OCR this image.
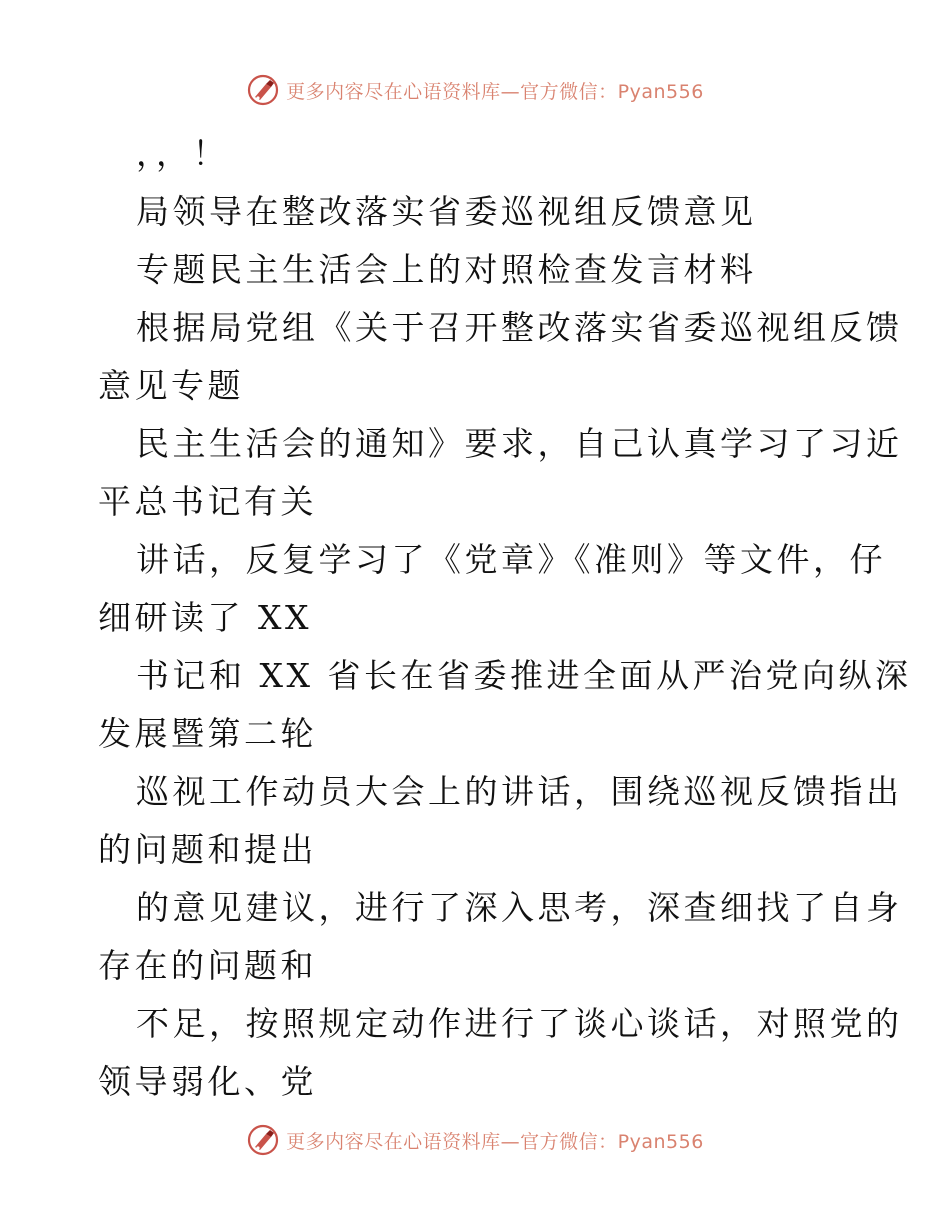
更多内容尽在心语资料库—官方微信：Pyan556
，，！
局领导在整改落实省委巡视组反馈意见
专题民主生活会上的对照检查发言材料
根据局党组《关于召开整改落实省委巡视组反馈
意见专题
民主生活会的通知》要求，自己认真学习了习近
平总书记有关
讲话，反复学习了《党章》《准则》等文件，仔
细研读了 XX
书记和 XX 省长在省委推进全面从严治党向纵深
发展暨第二轮
巡视工作动员大会上的讲话，围绕巡视反馈指出
的问题和提出
的意见建议，进行了深入思考，深查细找了自身
存在的问题和
不足，按照规定动作进行了谈心谈话，对照党的
领导弱化、党
更多内容尽在心语资料库—官方微信：Pyan556
